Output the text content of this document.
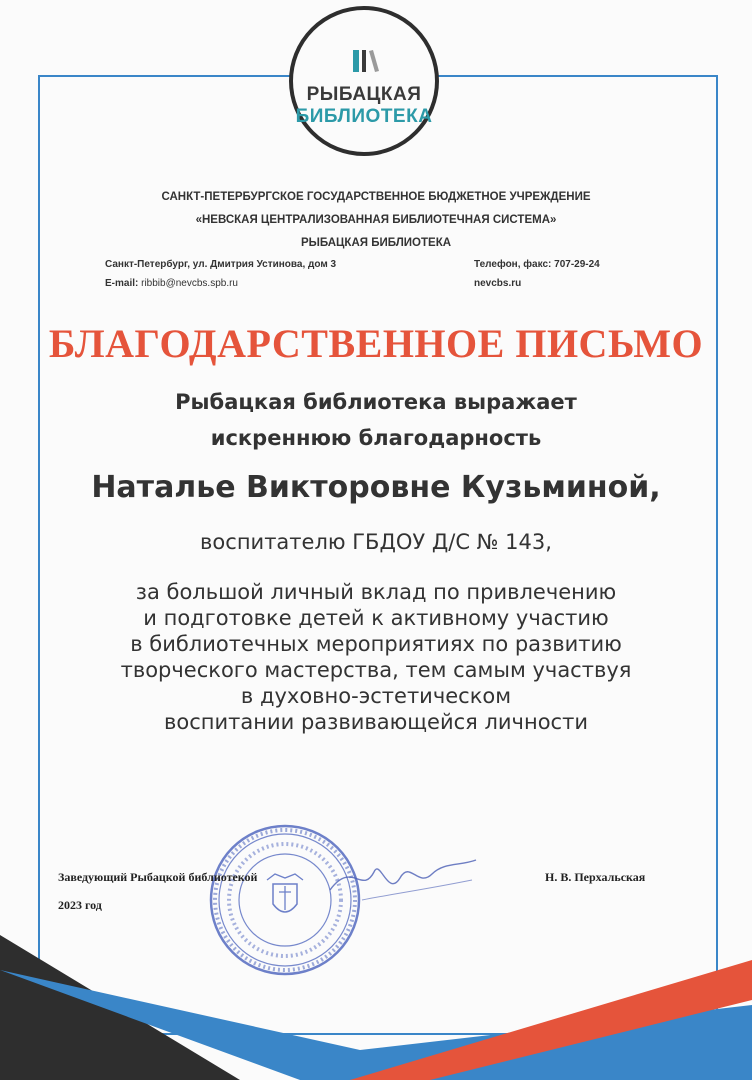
РЫБАЦКАЯ
БИБЛИОТЕКА
САНКТ-ПЕТЕРБУРГСКОЕ ГОСУДАРСТВЕННОЕ БЮДЖЕТНОЕ УЧРЕЖДЕНИЕ
«НЕВСКАЯ ЦЕНТРАЛИЗОВАННАЯ БИБЛИОТЕЧНАЯ СИСТЕМА»
РЫБАЦКАЯ БИБЛИОТЕКА
Санкт-Петербург, ул. Дмитрия Устинова, дом 3	Телефон, факс: 707-29-24
E-mail: ribbib@nevcbs.spb.ru	nevcbs.ru
БЛАГОДАРСТВЕННОЕ ПИСЬМО
Рыбацкая библиотека выражает
искреннюю благодарность
Наталье Викторовне Кузьминой,
воспитателю ГБДОУ Д/С № 143,
за большой личный вклад по привлечению
и подготовке детей к активному участию
в библиотечных мероприятиях по развитию
творческого мастерства, тем самым участвуя
в духовно-эстетическом
воспитании развивающейся личности
Заведующий Рыбацкой библиотекой	Н. В. Перхальская
2023 год
